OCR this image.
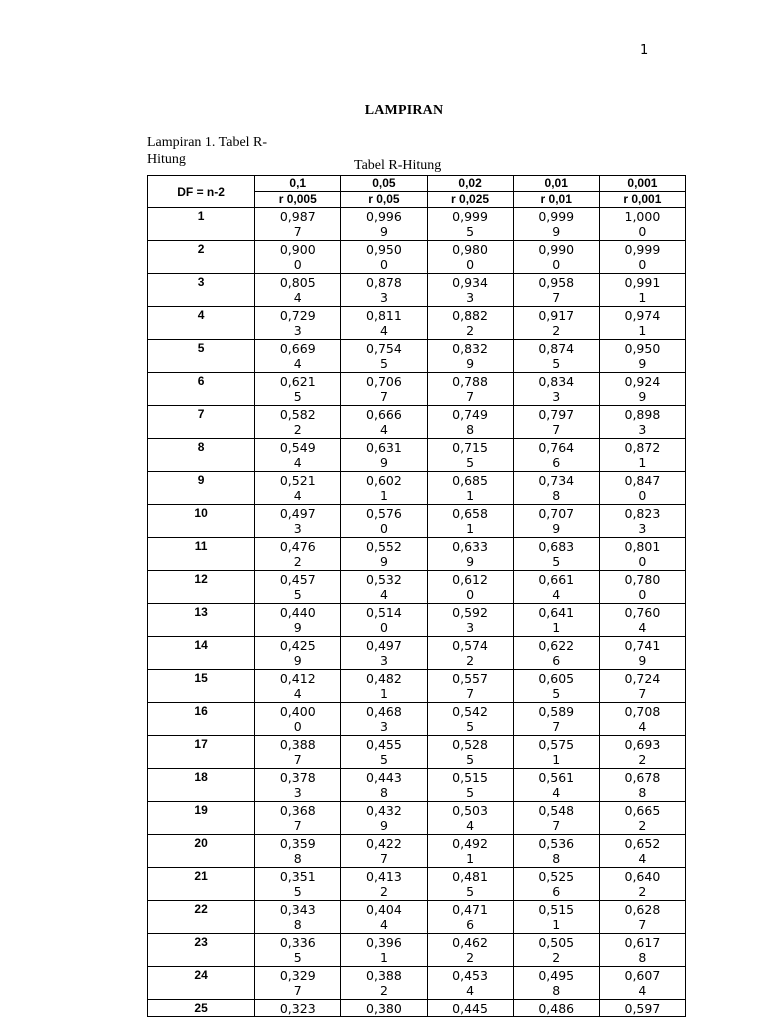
1
LAMPIRAN
Lampiran 1. Tabel R-Hitung	Tabel R-Hitung
DF = n-2	0,1	0,05	0,02	0,01	0,001
	r 0,005	r 0,05	r 0,025	r 0,01	r 0,001
1	0,9877	0,9969	0,9995	0,9999	1,0000

2	0,9000	0,9500	0,9800	0,9900	0,9990

3	0,8054	0,8783	0,9343	0,9587	0,9911

4	0,7293	0,8114	0,8822	0,9172	0,9741

5	0,6694	0,7545	0,8329	0,8745	0,9509

6	0,6215	0,7067	0,7887	0,8343	0,9249

7	0,5822	0,6664	0,7498	0,7977	0,8983

8	0,5494	0,6319	0,7155	0,7646	0,8721

9	0,5214	0,6021	0,6851	0,7348	0,8470

10	0,4973	0,5760	0,6581	0,7079	0,8233

11	0,4762	0,5529	0,6339	0,6835	0,8010

12	0,4575	0,5324	0,6120	0,6614	0,7800

13	0,4409	0,5140	0,5923	0,6411	0,7604

14	0,4259	0,4973	0,5742	0,6226	0,7419

15	0,4124	0,4821	0,5577	0,6055	0,7247

16	0,4000	0,4683	0,5425	0,5897	0,7084

17	0,3887	0,4555	0,5285	0,5751	0,6932

18	0,3783	0,4438	0,5155	0,5614	0,6788

19	0,3687	0,4329	0,5034	0,5487	0,6652

20	0,3598	0,4227	0,4921	0,5368	0,6524

21	0,3515	0,4132	0,4815	0,5256	0,6402

22	0,3438	0,4044	0,4716	0,5151	0,6287

23	0,3365	0,3961	0,4622	0,5052	0,6178

24	0,3297	0,3882	0,4534	0,4958	0,6074

25	0,323	0,380	0,445	0,486	0,597
